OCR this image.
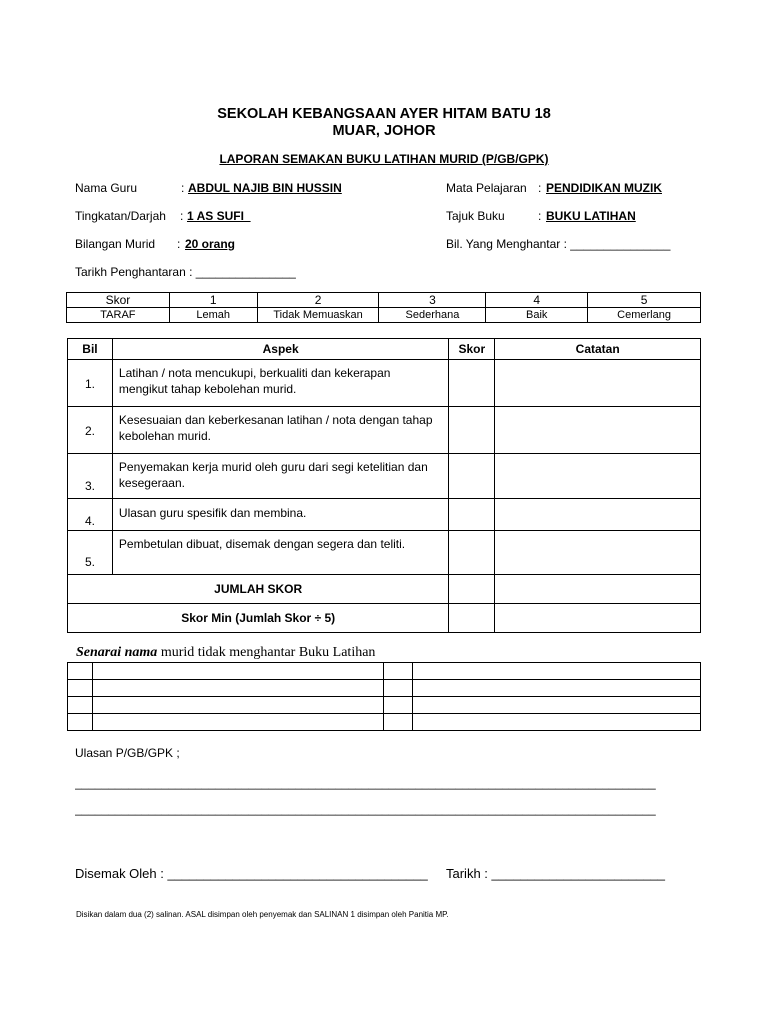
SEKOLAH KEBANGSAAN AYER HITAM BATU 18
MUAR, JOHOR
LAPORAN SEMAKAN BUKU LATIHAN MURID (P/GB/GPK)
Nama Guru	: ABDUL NAJIB BIN HUSSIN	Mata Pelajaran : PENDIDIKAN MUZIK
Tingkatan/Darjah : 1 AS SUFI	Tajuk Buku	: BUKU LATIHAN
Bilangan Murid : 20 orang	Bil. Yang Menghantar : _______________
Tarikh Penghantaran : _______________
Skor	1	2	3	4	5
TARAF	Lemah	Tidak Memuaskan	Sederhana	Baik	Cemerlang
Bil	Aspek	Skor	Catatan
1.	Latihan / nota mencukupi, berkualiti dan kekerapan mengikut tahap kebolehan murid.		
2.	Kesesuaian dan keberkesanan latihan / nota dengan tahap kebolehan murid.		
3.	Penyemakan kerja murid oleh guru dari segi ketelitian dan kesegeraan.		
4.	Ulasan guru spesifik dan membina.		
5.	Pembetulan dibuat, disemak dengan segera dan teliti.		
JUMLAH SKOR			
Skor Min (Jumlah Skor ÷ 5)			
Senarai nama murid tidak menghantar Buku Latihan

Ulasan P/GB/GPK ;
_______________________________________________________________________________________
_______________________________________________________________________________________
Disemak Oleh : ____________________________________ Tarikh : ________________________
Disikan dalam dua (2) salinan. ASAL disimpan oleh penyemak dan SALINAN 1 disimpan oleh Panitia MP.
